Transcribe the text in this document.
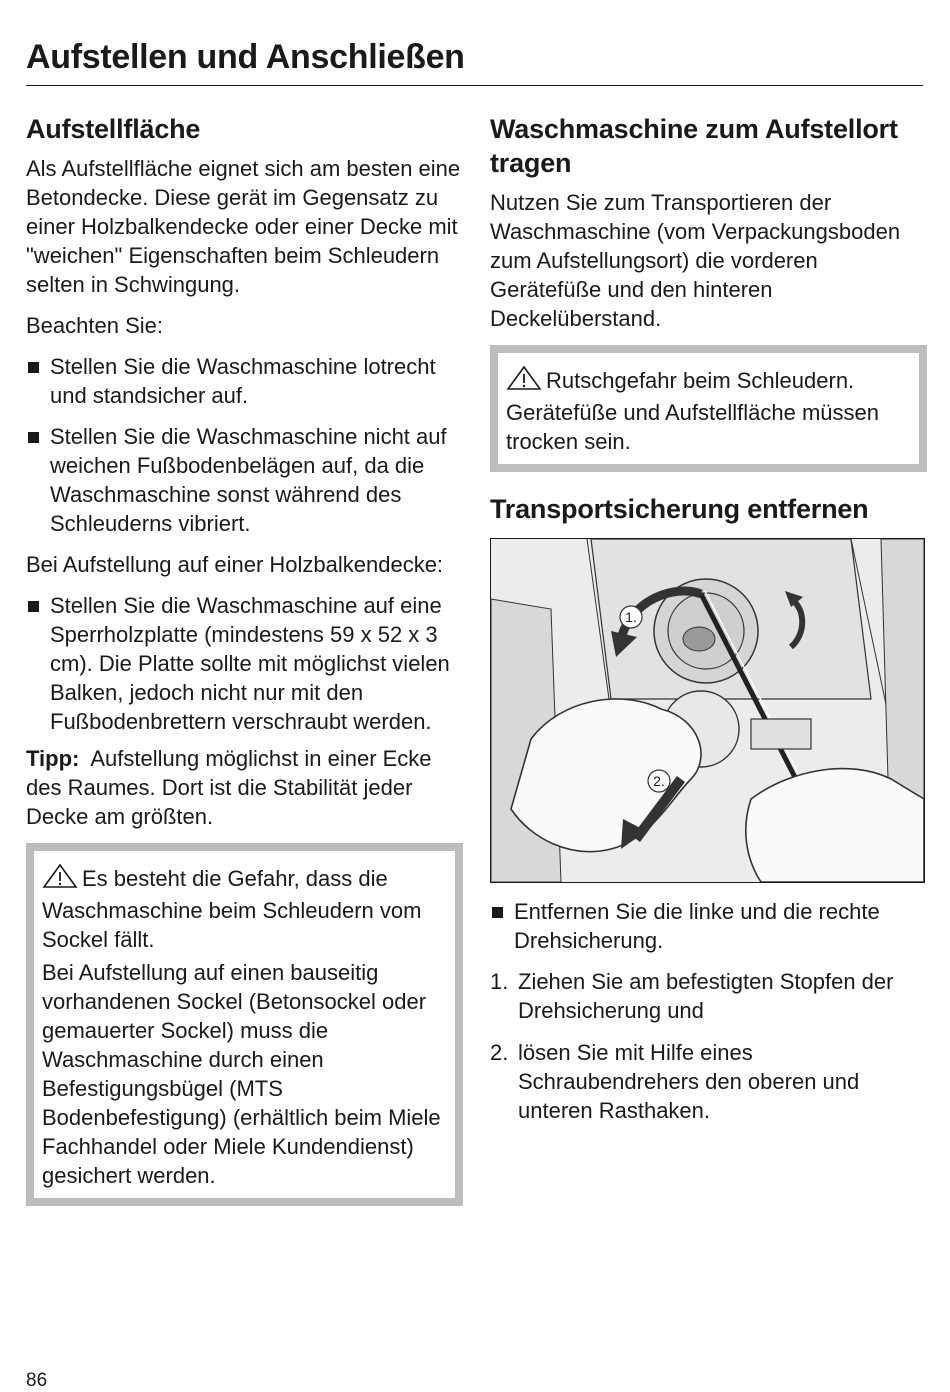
Aufstellen und Anschließen
Aufstellfläche

Als Aufstellfläche eignet sich am besten eine Betondecke. Diese gerät im Gegensatz zu einer Holzbalkendecke oder einer Decke mit "weichen" Eigenschaften beim Schleudern selten in Schwingung.

Beachten Sie:

Stellen Sie die Waschmaschine lotrecht und standsicher auf.
Stellen Sie die Waschmaschine nicht auf weichen Fußbodenbelägen auf, da die Waschmaschine sonst während des Schleuderns vibriert.

Bei Aufstellung auf einer Holzbalkendecke:

Stellen Sie die Waschmaschine auf eine Sperrholzplatte (mindestens 59 x 52 x 3 cm). Die Platte sollte mit möglichst vielen Balken, jedoch nicht nur mit den Fußbodenbrettern verschraubt werden.

Tipp: Aufstellung möglichst in einer Ecke des Raumes. Dort ist die Stabilität jeder Decke am größten.

Es besteht die Gefahr, dass die Waschmaschine beim Schleudern vom Sockel fällt.

Bei Aufstellung auf einen bauseitig vorhandenen Sockel (Betonsockel oder gemauerter Sockel) muss die Waschmaschine durch einen Befestigungsbügel (MTS Bodenbefestigung) (erhältlich beim Miele Fachhandel oder Miele Kundendienst) gesichert werden.

Waschmaschine zum Aufstellort tragen

Nutzen Sie zum Transportieren der Waschmaschine (vom Verpackungsboden zum Aufstellungsort) die vorderen Gerätefüße und den hinteren Deckelüberstand.

Rutschgefahr beim Schleudern. Gerätefüße und Aufstellfläche müssen trocken sein.

Transportsicherung entfernen
1.
2.
Entfernen Sie die linke und die rechte Drehsicherung.
1. Ziehen Sie am befestigten Stopfen der Drehsicherung und
2. lösen Sie mit Hilfe eines Schraubendrehers den oberen und unteren Rasthaken.
86
